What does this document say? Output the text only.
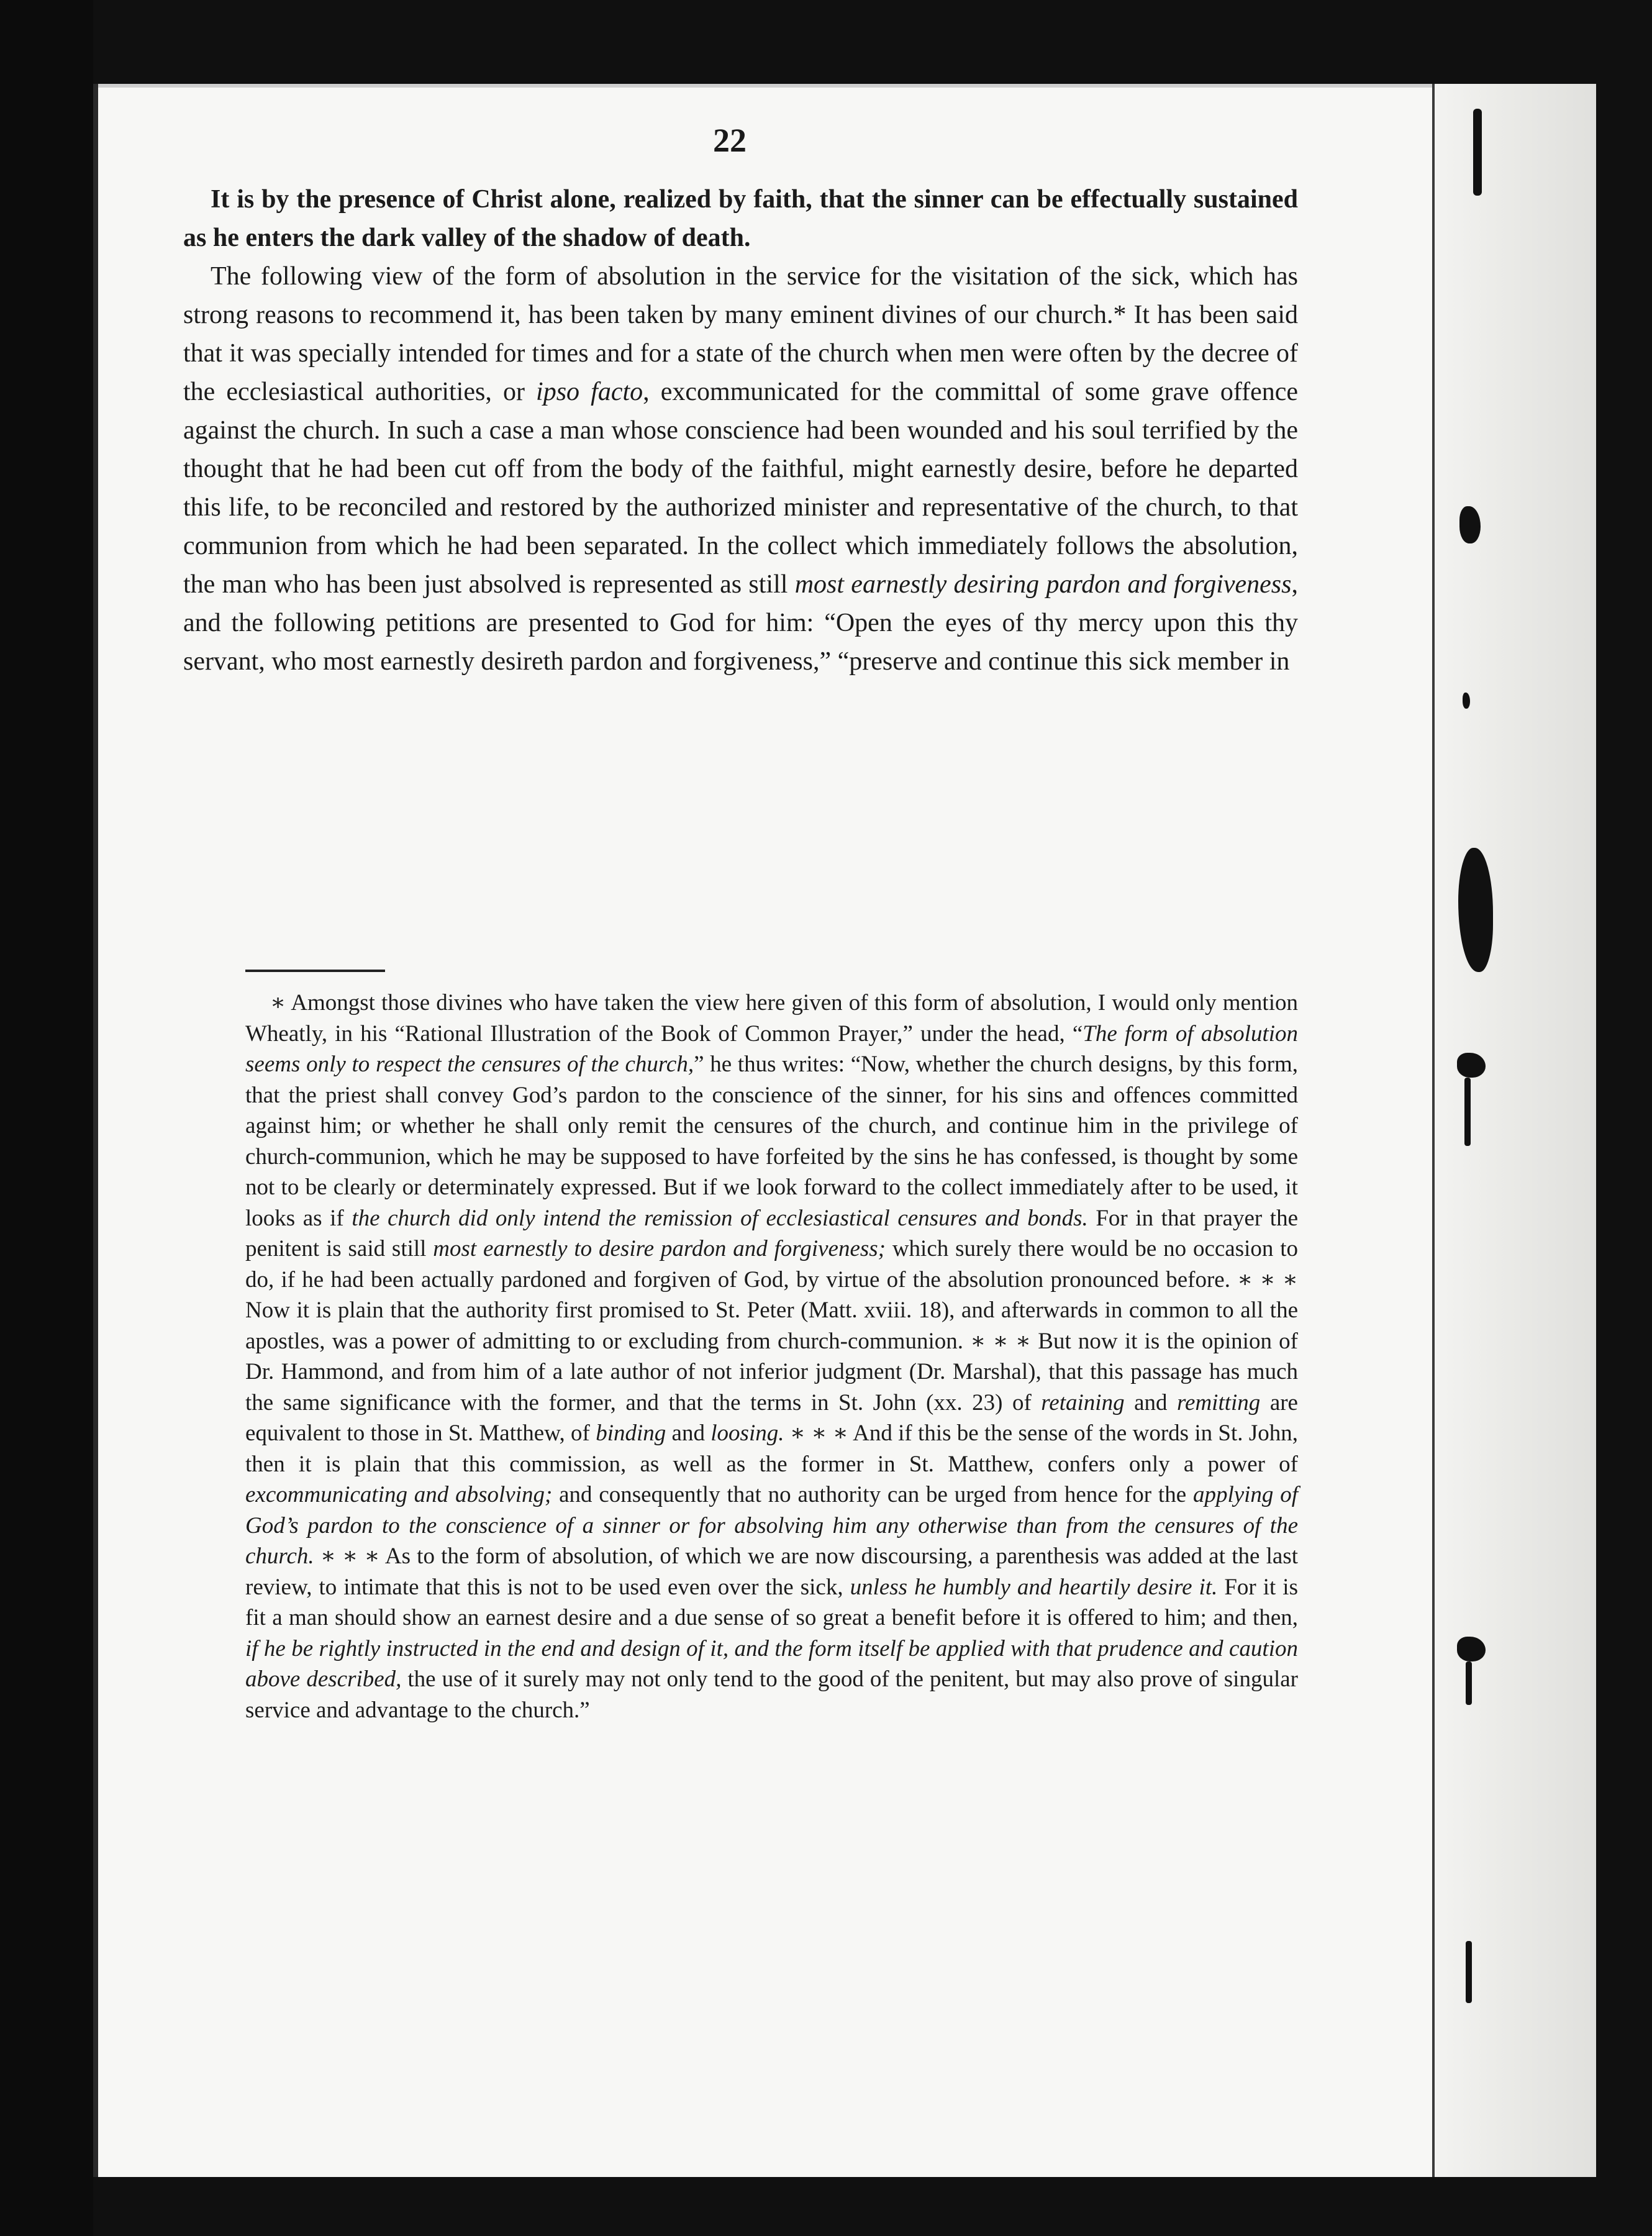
22

It is by the presence of Christ alone, realized by faith, that the sinner can be effectually sustained as he enters the dark valley of the shadow of death.

The following view of the form of absolution in the service for the visitation of the sick, which has strong reasons to recommend it, has been taken by many eminent divines of our church.* It has been said that it was specially intended for times and for a state of the church when men were often by the decree of the ecclesiastical authorities, or ipso facto, excommunicated for the committal of some grave offence against the church. In such a case a man whose conscience had been wounded and his soul terrified by the thought that he had been cut off from the body of the faithful, might earnestly desire, before he departed this life, to be reconciled and restored by the authorized minister and representative of the church, to that communion from which he had been separated. In the collect which immediately follows the absolution, the man who has been just absolved is represented as still most earnestly desiring pardon and forgiveness, and the following petitions are presented to God for him: “Open the eyes of thy mercy upon this thy servant, who most earnestly desireth pardon and forgiveness,” “preserve and continue this sick member in

∗ Amongst those divines who have taken the view here given of this form of absolution, I would only mention Wheatly, in his “Rational Illustration of the Book of Common Prayer,” under the head, “The form of absolution seems only to respect the censures of the church,” he thus writes: “Now, whether the church designs, by this form, that the priest shall convey God’s pardon to the conscience of the sinner, for his sins and offences committed against him; or whether he shall only remit the censures of the church, and continue him in the privilege of church-communion, which he may be supposed to have forfeited by the sins he has confessed, is thought by some not to be clearly or determinately expressed. But if we look forward to the collect immediately after to be used, it looks as if the church did only intend the remission of ecclesiastical censures and bonds. For in that prayer the penitent is said still most earnestly to desire pardon and forgiveness; which surely there would be no occasion to do, if he had been actually pardoned and forgiven of God, by virtue of the absolution pronounced before. ∗ ∗ ∗ Now it is plain that the authority first promised to St. Peter (Matt. xviii. 18), and afterwards in common to all the apostles, was a power of admitting to or excluding from church-communion. ∗ ∗ ∗ But now it is the opinion of Dr. Hammond, and from him of a late author of not inferior judgment (Dr. Marshal), that this passage has much the same significance with the former, and that the terms in St. John (xx. 23) of retaining and remitting are equivalent to those in St. Matthew, of binding and loosing. ∗ ∗ ∗ And if this be the sense of the words in St. John, then it is plain that this commission, as well as the former in St. Matthew, confers only a power of excommunicating and absolving; and consequently that no authority can be urged from hence for the applying of God’s pardon to the conscience of a sinner or for absolving him any otherwise than from the censures of the church. ∗ ∗ ∗ As to the form of absolution, of which we are now discoursing, a parenthesis was added at the last review, to intimate that this is not to be used even over the sick, unless he humbly and heartily desire it. For it is fit a man should show an earnest desire and a due sense of so great a benefit before it is offered to him; and then, if he be rightly instructed in the end and design of it, and the form itself be applied with that prudence and caution above described, the use of it surely may not only tend to the good of the penitent, but may also prove of singular service and advantage to the church.”
